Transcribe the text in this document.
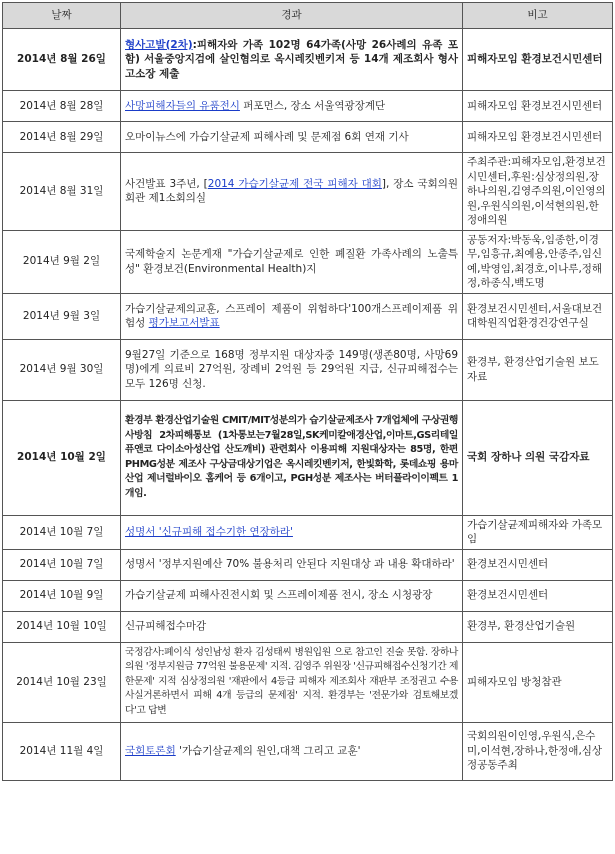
날짜	경과	비고
2014년 8월 26일	형사고발(2차):피해자와 가족 102명 64가족(사망 26사례의 유족 포함) 서울중앙지검에 살인혐의로 옥시레킷벤키저 등 14개 제조회사 형사고소장 제출	피해자모임 환경보건시민센터
2014년 8월 28일	사망피해자들의 유품전시 퍼포먼스, 장소 서울역광장계단	피해자모임 환경보건시민센터
2014년 8월 29일	오마이뉴스에 가습기살균제 피해사례 및 문제점 6회 연재 기사	피해자모임 환경보건시민센터
2014년 8월 31일	사건발표 3주년, [2014 가습기살균제 전국 피해자 대회], 장소 국회의원회관 제1소회의실	주최주관:피해자모임,환경보건시민센터,후원:심상정의원,장하나의원,김영주의원,이인영의원,우원식의원,이석현의원,한정애의원
2014년 9월 2일	국제학술지 논문게재 "가습기살균제로 인한 폐질환 가족사례의 노출특성" 환경보건(Environmental Health)지	공동저자:박동욱,임종한,이경무,임흥규,최예용,안종주,임신예,박영임,최경호,이나루,정해정,하종식,백도명
2014년 9월 3일	가습기살균제의교훈, 스프레이 제품이 위험하다'100개스프레이제품 위험성 평가보고서발표	환경보건시민센터,서울대보건대학원직업환경건강연구실
2014년 9월 30일	9월27일 기준으로 168명 정부지원 대상자중 149명(생존80명, 사망69명)에게 의료비 27억원, 장례비 2억원 등 29억원 지급, 신규피해접수는 모두 126명 신청.	환경부, 환경산업기술원 보도자료
2014년 10월 2일	환경부 환경산업기술원 CMIT/MIT성분의가 습기살균제조사 7개업체에 구상권행사방침 2차피해통보 (1차통보는7월28일,SK케미칼애경산업,이마트,GS리테일 퓨앤코 다이소아성산업 산도깨비) 관련회사 이용피해 지원대상자는 85명, 한편 PHMG성분 제조사 구상금대상기업은 옥시레킷벤키저, 한빛화학, 롯데쇼핑 용마산업 제너럴바이오 홈케어 등 6개이고, PGH성분 제조사는 버터플라이이펙트 1개임.	국회 장하나 의원 국감자료
2014년 10월 7일	성명서 '신규피해 접수기한 연장하라'	가습기살균제피해자와 가족모임
2014년 10월 7일	성명서 '정부지원예산 70% 불용처리 안된다 지원대상 과 내용 확대하라'	환경보건시민센터
2014년 10월 9일	가습기살균제 피해사진전시회 및 스프레이제품 전시, 장소 시청광장	환경보건시민센터
2014년 10월 10일	신규피해접수마감	환경부, 환경산업기술원
2014년 10월 23일	국정감사:폐이식 성인남성 환자 김성태씨 병원입원 으로 참고인 진술 못함. 장하나의원 '정부지원금 77억원 불용문제' 지적. 김영주 위원장 '신규피해접수신청기간 제한문제' 지적 심상정의원 '재판에서 4등급 피해자 제조회사 재판부 조정권고 수용 사실거론하면서 피해 4개 등급의 문제점' 지적. 환경부는 '전문가와 검토해보겠다'고 답변	피해자모임 방청참관
2014년 11월 4일	국회토론회 '가습기살균제의 원인,대책 그리고 교훈'	국회의원이인영,우원식,은수미,이석현,장하나,한정애,심상정공동주최
